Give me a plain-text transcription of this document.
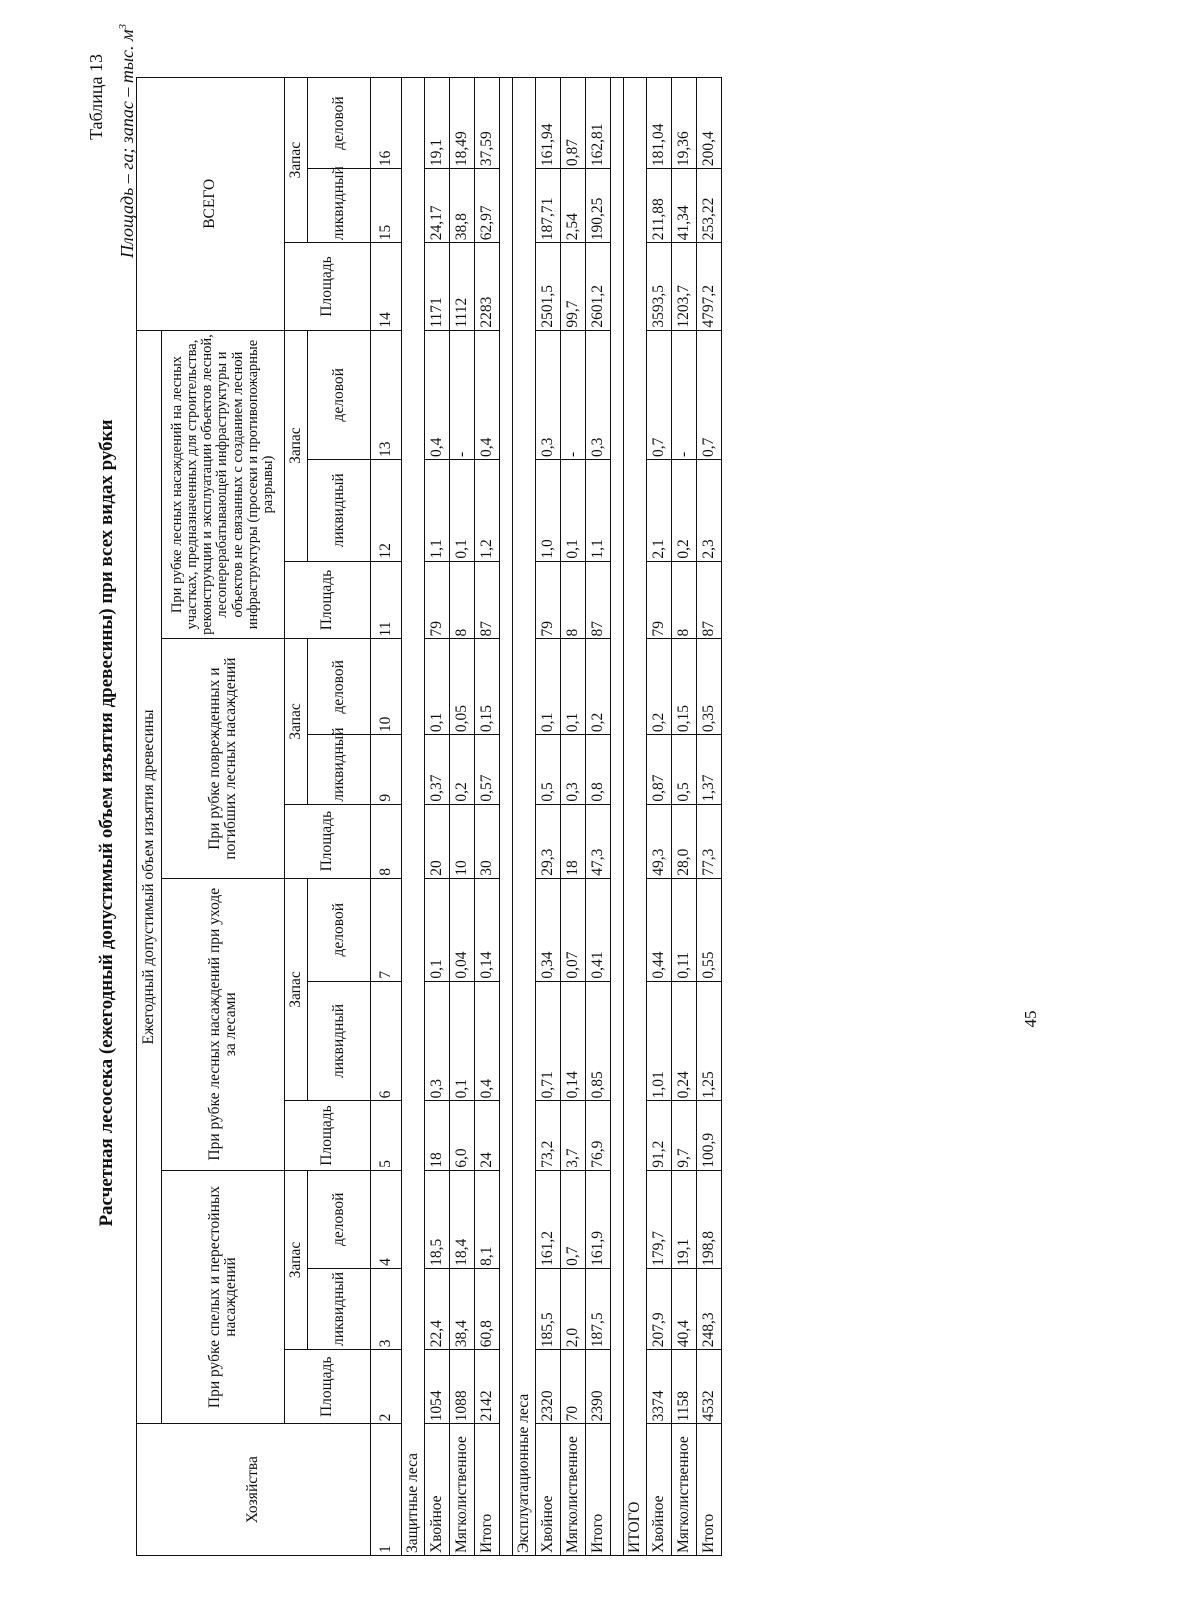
Таблица 13
Расчетная лесосека (ежегодный допустимый объем изъятия древесины) при всех видах рубки
Площадь – га; запас – тыс. $м^3$
Хозяйства	Ежегодный допустимый объем изъятия древесины												ВСЕГО		
	При рубке спелых и перестойных насаждений			При рубке лесных насаждений при уходе за лесами			При рубке поврежденных и погибших лесных насаждений			При рубке лесных насаждений на лесных участках, предназначенных для строительства, реконструкции и эксплуатации объектов лесной, лесоперерабатывающей инфраструктуры и объектов не связанных с созданием лесной инфраструктуры (просеки и противопожарные разрывы)					
	Площадь	Запас		Площадь	Запас		Площадь	Запас		Площадь	Запас		Площадь	Запас	
		ликвидный	деловой		ликвидный	деловой		ликвидный	деловой		ликвидный	деловой		ликвидный	деловой
1	2	3	4	5	6	7	8	9	10	11	12	13	14	15	16
Защитные леса															
Хвойное	1054	22,4	18,5	18	0,3	0,1	20	0,37	0,1	79	1,1	0,4	1171	24,17	19,1
Мягколиственное	1088	38,4	18,4	6,0	0,1	0,04	10	0,2	0,05	8	0,1	-	1112	38,8	18,49
Итого	2142	60,8	8,1	24	0,4	0,14	30	0,57	0,15	87	1,2	0,4	2283	62,97	37,59

Эксплуатационные леса															
Хвойное	2320	185,5	161,2	73,2	0,71	0,34	29,3	0,5	0,1	79	1,0	0,3	2501,5	187,71	161,94
Мягколиственное	70	2,0	0,7	3,7	0,14	0,07	18	0,3	0,1	8	0,1	-	99,7	2,54	0,87
Итого	2390	187,5	161,9	76,9	0,85	0,41	47,3	0,8	0,2	87	1,1	0,3	2601,2	190,25	162,81

ИТОГО															
Хвойное	3374	207,9	179,7	91,2	1,01	0,44	49,3	0,87	0,2	79	2,1	0,7	3593,5	211,88	181,04
Мягколиственное	1158	40,4	19,1	9,7	0,24	0,11	28,0	0,5	0,15	8	0,2	-	1203,7	41,34	19,36
Итого	4532	248,3	198,8	100,9	1,25	0,55	77,3	1,37	0,35	87	2,3	0,7	4797,2	253,22	200,4
45
